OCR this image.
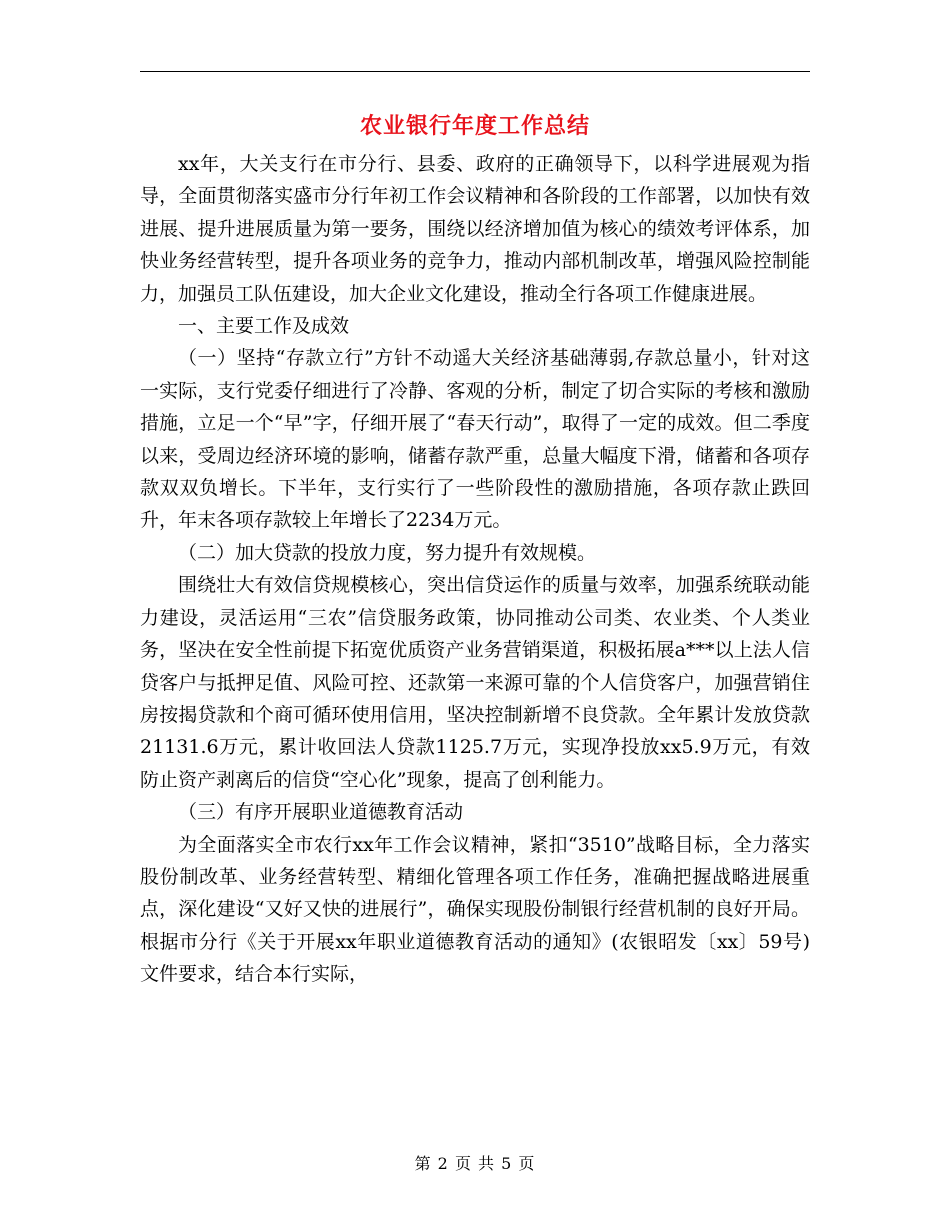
农业银行年度工作总结

xx年，大关支行在市分行、县委、政府的正确领导下，以科学进展观为指导，全面贯彻落实盛市分行年初工作会议精神和各阶段的工作部署，以加快有效进展、提升进展质量为第一要务，围绕以经济增加值为核心的绩效考评体系，加快业务经营转型，提升各项业务的竞争力，推动内部机制改革，增强风险控制能力，加强员工队伍建设，加大企业文化建设，推动全行各项工作健康进展。

一、主要工作及成效

（一）坚持“存款立行”方针不动遥大关经济基础薄弱,存款总量小，针对这一实际，支行党委仔细进行了冷静、客观的分析，制定了切合实际的考核和激励措施，立足一个“早”字，仔细开展了“春天行动”，取得了一定的成效。但二季度以来，受周边经济环境的影响，储蓄存款严重，总量大幅度下滑，储蓄和各项存款双双负增长。下半年，支行实行了一些阶段性的激励措施，各项存款止跌回升，年末各项存款较上年增长了2234万元。

（二）加大贷款的投放力度，努力提升有效规模。

围绕壮大有效信贷规模核心，突出信贷运作的质量与效率，加强系统联动能力建设，灵活运用“三农”信贷服务政策，协同推动公司类、农业类、个人类业务，坚决在安全性前提下拓宽优质资产业务营销渠道，积极拓展a***以上法人信贷客户与抵押足值、风险可控、还款第一来源可靠的个人信贷客户，加强营销住房按揭贷款和个商可循环使用信用，坚决控制新增不良贷款。全年累计发放贷款21131.6万元，累计收回法人贷款1125.7万元，实现净投放xx5.9万元，有效防止资产剥离后的信贷“空心化”现象，提高了创利能力。

（三）有序开展职业道德教育活动

为全面落实全市农行xx年工作会议精神，紧扣“3510”战略目标，全力落实股份制改革、业务经营转型、精细化管理各项工作任务，准确把握战略进展重点，深化建设“又好又快的进展行”，确保实现股份制银行经营机制的良好开局。根据市分行《关于开展xx年职业道德教育活动的通知》(农银昭发〔xx〕59号)文件要求，结合本行实际，

第 2 页 共 5 页
